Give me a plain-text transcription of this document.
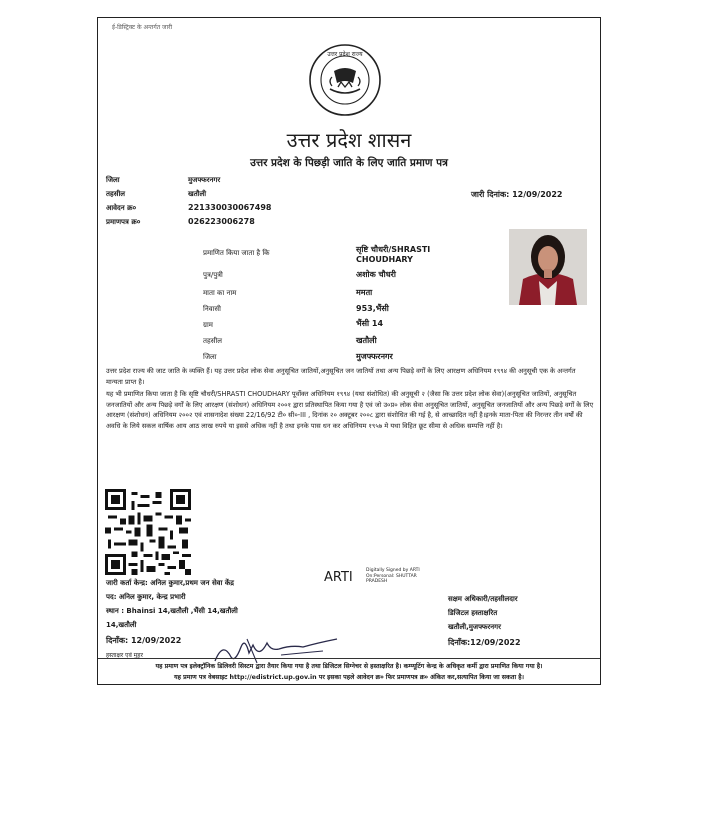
ई-डिस्ट्रिक्ट के अन्तर्गत जारी
उत्तर प्रदेश राज्य
उत्तर प्रदेश शासन
उत्तर प्रदेश के पिछड़ी जाति के लिए जाति प्रमाण पत्र
जिला	मुजफ्फरनगर
तहसील	खतौली	जारी दिनांक: 12/09/2022
आवेदन क्र०	221330030067498
प्रमाणपत्र क्र०	026223006278
प्रमाणित किया जाता है कि	सृष्टि चौधरी/SHRASTI
CHOUDHARY
पुत्र/पुत्री	अशोक चौधरी
माता का नाम	ममता
निवासी	953,भैंसी
ग्राम	भैंसी 14
तहसील	खतौली
जिला	मुजफ्फरनगर
उत्तर प्रदेश राज्य की जाट जाति के व्यक्ति हैं। यह उत्तर प्रदेश लोक सेवा अनुसूचित जातियों,अनुसूचित जन जातियों तथा अन्य पिछड़े वर्गों के लिए आरक्षण अधिनियम १९९४ की अनुसूची एक के अन्तर्गत मान्यता प्राप्त है।
यह भी प्रमाणित किया जाता है कि सृष्टि चौधरी/SHRASTI CHOUDHARY पूर्वोक्त अधिनियम १९९४ (यथा संशोधित) की अनुसूची २ (जैसा कि उत्तर प्रदेश लोक सेवा)(अनुसूचित जातियों, अनुसूचित जनजातियों और अन्य पिछड़े वर्गों के लिए आरक्षण (संशोधन) अधिनियम २००१ द्वारा प्रतिस्थापित किया गया है एवं जो उ०प्र० लोक सेवा अनुसूचित जातियों, अनुसूचित जनजातियों और अन्य पिछड़े वर्गों के लिए आरक्षण (संशोधन) अधिनियम २००२ एवं शासनादेश संख्या 22/16/92 टी० सी०-III , दिनांक २० अक्टूबर २००८ द्वारा संशोधित की गई है, से आच्छादित नहीं है।इनके माता-पिता की निरन्तर तीन वर्षों की अवधि के लिये सकल वार्षिक आय आठ लाख रुपये या इससे अधिक नहीं है तथा इनके पास धन कर अधिनियम १९५७ मे यथा विहित छूट सीमा से अधिक सम्पत्ति नहीं है।
ARTI	Digitally Signed by ARTI
On:Personal: SHUTTAR
PRADESH
जारी कर्ता केन्द्र: अनिल कुमार,प्रथम जन सेवा केंद्र
पद: अनिल कुमार, केन्द्र प्रभारी
स्थान : Bhainsi 14,खतौली ,भैंसी 14,खतौली
14,खतौली
दिनाँक: 12/09/2022
हस्ताक्षर एवं मुहर
सक्षम अधिकारी/तहसीलदार
डिजिटल हस्ताक्षरित
खतौली,मुजफ्फरनगर
दिनाँक:12/09/2022
यह प्रमाण पत्र इलेक्ट्रॉनिक डिलिवरी सिस्टम द्वारा तैयार किया गया है तथा डिजिटल सिग्नेचर से हस्ताक्षरित है। कम्प्यूटिंग केन्द्र के अधिकृत कर्मी द्वारा प्रमाणित किया गया है।
यह प्रमाण पत्र वेबसाइट http://edistrict.up.gov.in पर इसका पहले आवेदन क्र० फिर प्रमाणपत्र क्र० अंकित कर,सत्यापित किया जा सकता है।
